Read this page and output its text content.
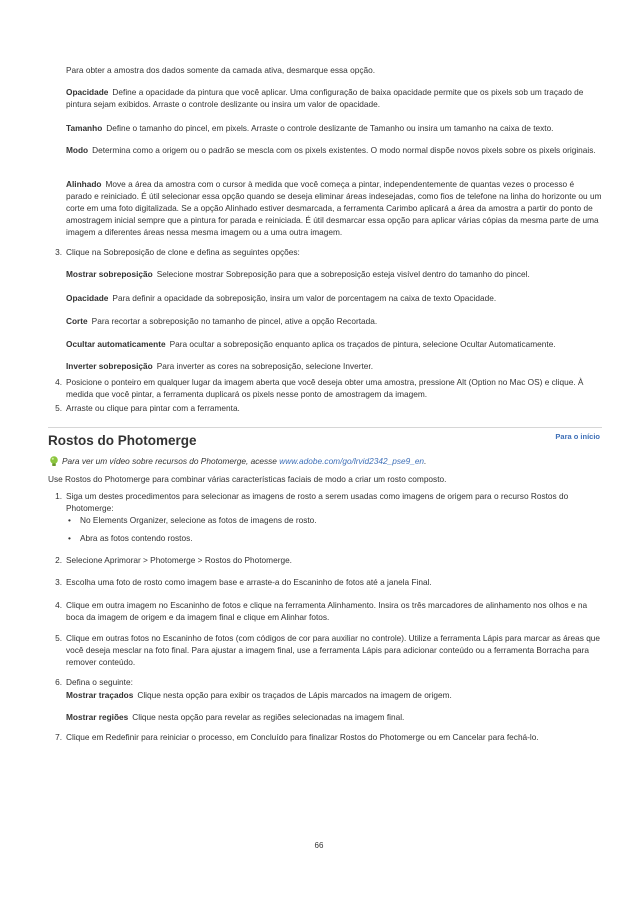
Para obter a amostra dos dados somente da camada ativa, desmarque essa opção.

Opacidade Define a opacidade da pintura que você aplicar. Uma configuração de baixa opacidade permite que os pixels sob um traçado de pintura sejam exibidos. Arraste o controle deslizante ou insira um valor de opacidade.

Tamanho Define o tamanho do pincel, em pixels. Arraste o controle deslizante de Tamanho ou insira um tamanho na caixa de texto.

Modo Determina como a origem ou o padrão se mescla com os pixels existentes. O modo normal dispõe novos pixels sobre os pixels originais.

Alinhado Move a área da amostra com o cursor à medida que você começa a pintar, independentemente de quantas vezes o processo é parado e reiniciado. É útil selecionar essa opção quando se deseja eliminar áreas indesejadas, como fios de telefone na linha do horizonte ou um corte em uma foto digitalizada. Se a opção Alinhado estiver desmarcada, a ferramenta Carimbo aplicará a área da amostra a partir do ponto de amostragem inicial sempre que a pintura for parada e reiniciada. É útil desmarcar essa opção para aplicar várias cópias da mesma parte de uma imagem a diferentes áreas nessa mesma imagem ou a uma outra imagem.

3. Clique na Sobreposição de clone e defina as seguintes opções:

Mostrar sobreposição Selecione mostrar Sobreposição para que a sobreposição esteja visível dentro do tamanho do pincel.

Opacidade Para definir a opacidade da sobreposição, insira um valor de porcentagem na caixa de texto Opacidade.

Corte Para recortar a sobreposição no tamanho de pincel, ative a opção Recortada.

Ocultar automaticamente Para ocultar a sobreposição enquanto aplica os traçados de pintura, selecione Ocultar Automaticamente.

Inverter sobreposição Para inverter as cores na sobreposição, selecione Inverter.

4. Posicione o ponteiro em qualquer lugar da imagem aberta que você deseja obter uma amostra, pressione Alt (Option no Mac OS) e clique. À medida que você pintar, a ferramenta duplicará os pixels nesse ponto de amostragem da imagem.
5. Arraste ou clique para pintar com a ferramenta.
Rostos do Photomerge	Para o início
Para ver um vídeo sobre recursos do Photomerge, acesse www.adobe.com/go/lrvid2342_pse9_en.
Use Rostos do Photomerge para combinar várias características faciais de modo a criar um rosto composto.
1. Siga um destes procedimentos para selecionar as imagens de rosto a serem usadas como imagens de origem para o recurso Rostos do Photomerge:
• No Elements Organizer, selecione as fotos de imagens de rosto.
• Abra as fotos contendo rostos.
2. Selecione Aprimorar > Photomerge > Rostos do Photomerge.
3. Escolha uma foto de rosto como imagem base e arraste-a do Escaninho de fotos até a janela Final.
4. Clique em outra imagem no Escaninho de fotos e clique na ferramenta Alinhamento. Insira os três marcadores de alinhamento nos olhos e na boca da imagem de origem e da imagem final e clique em Alinhar fotos.
5. Clique em outras fotos no Escaninho de fotos (com códigos de cor para auxiliar no controle). Utilize a ferramenta Lápis para marcar as áreas que você deseja mesclar na foto final. Para ajustar a imagem final, use a ferramenta Lápis para adicionar conteúdo ou a ferramenta Borracha para remover conteúdo.
6. Defina o seguinte:

Mostrar traçados Clique nesta opção para exibir os traçados de Lápis marcados na imagem de origem.

Mostrar regiões Clique nesta opção para revelar as regiões selecionadas na imagem final.

7. Clique em Redefinir para reiniciar o processo, em Concluído para finalizar Rostos do Photomerge ou em Cancelar para fechá-lo.
66
